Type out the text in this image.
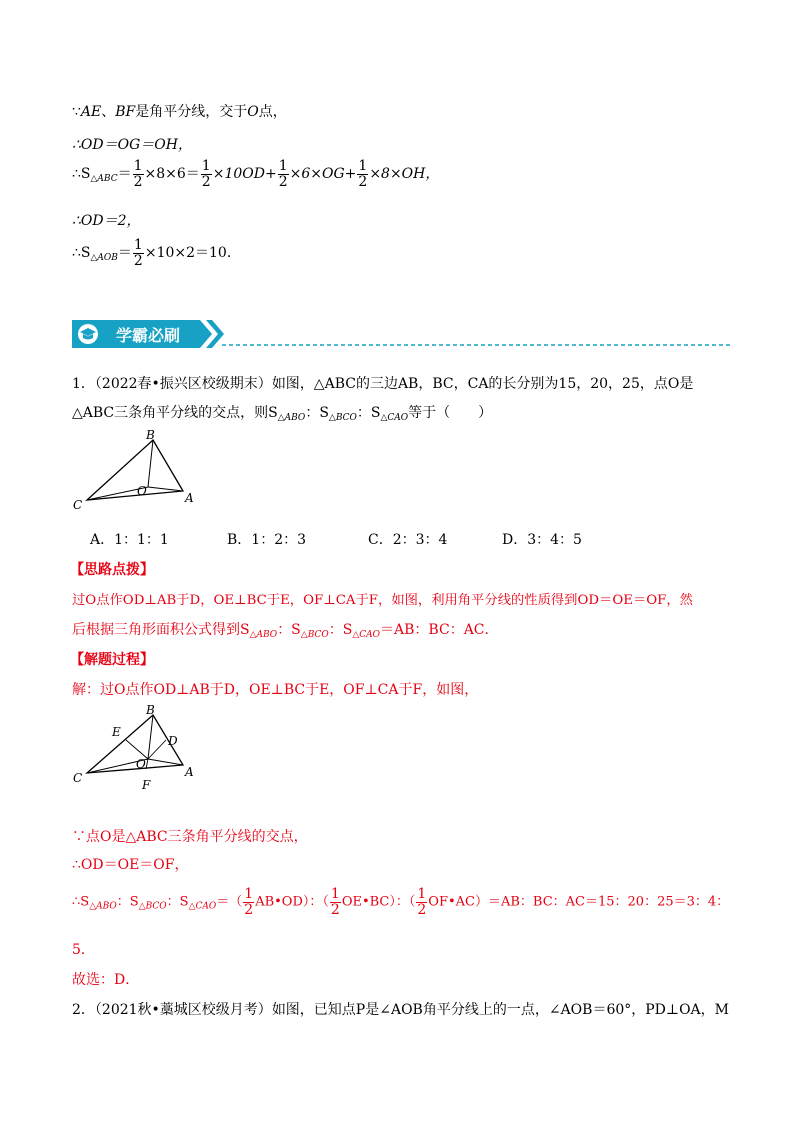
∵AE、BF是角平分线，交于O点，
∴OD＝OG＝OH，
$\therefore S_{\triangle ABC}= \frac{1}{2} \times 8\times 6= \frac{1}{2} \times 10OD+ \frac{1}{2} \times 6\times OG+ \frac{1}{2} \times 8\times OH$，
∴OD＝2，
$\therefore S_{\triangle AOB}= \frac{1}{2} \times 10\times 2=10$．
学霸必刷
1．（2022春•振兴区校级期末）如图，△ABC的三边AB，BC，CA的长分别为15，20，25，点O是
△ABC三条角平分线的交点，则$S_{\triangle ABO}$：$S_{\triangle BCO}$：$S_{\triangle CAO}$等于（　　）
B
C	A
O
A．1：1：1	B．1：2：3	C．2：3：4	D．3：4：5
【思路点拨】
过O点作OD⊥AB于D，OE⊥BC于E，OF⊥CA于F，如图，利用角平分线的性质得到OD＝OE＝OF，然
后根据三角形面积公式得到$S_{\triangle ABO}$：$S_{\triangle BCO}$：$S_{\triangle CAO}=AB$：BC：AC．
【解题过程】
解：过O点作OD⊥AB于D，OE⊥BC于E，OF⊥CA于F，如图，
B
E
D
C
O
A
F
∵点O是△ABC三条角平分线的交点，
∴OD＝OE＝OF，
$\therefore S_{\triangle ABO}$：$S_{\triangle BCO}$：$S_{\triangle CAO}=( \frac{1}{2}$ AB•OD）：（ $\frac{1}{2}$ OE•BC）：（ $\frac{1}{2}$ OF•AC）＝AB：BC：AC＝15：20：25＝3：4：
5．
故选：D．
2．（2021秋•藁城区校级月考）如图，已知点P是∠AOB角平分线上的一点，∠AOB＝60°，PD⊥OA，M
